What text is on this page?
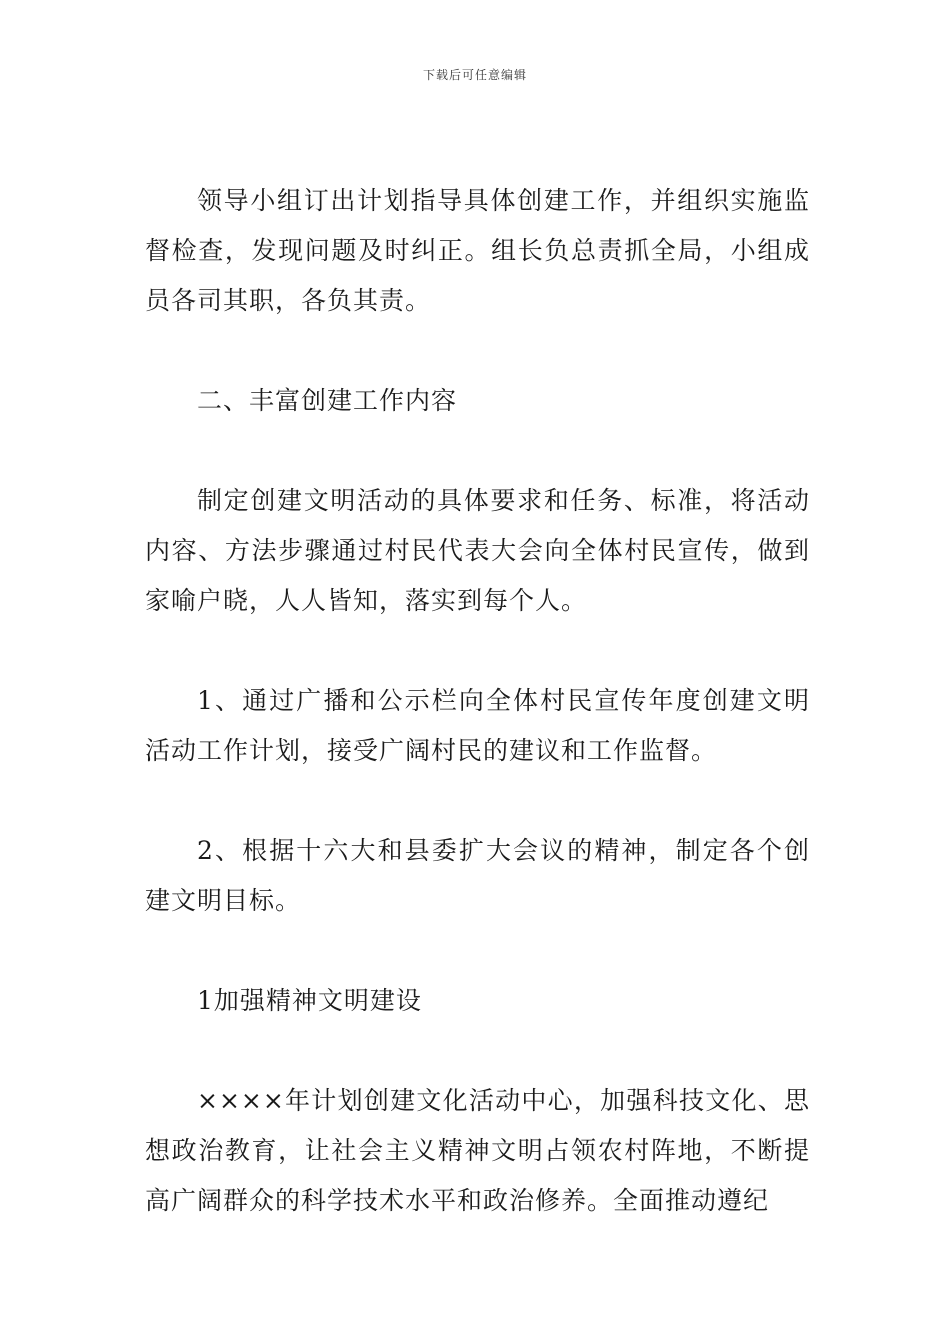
下载后可任意编辑

领导小组订出计划指导具体创建工作，并组织实施监督检查，发现问题及时纠正。组长负总责抓全局，小组成员各司其职，各负其责。

二、丰富创建工作内容

制定创建文明活动的具体要求和任务、标准，将活动内容、方法步骤通过村民代表大会向全体村民宣传，做到家喻户晓，人人皆知，落实到每个人。

1、通过广播和公示栏向全体村民宣传年度创建文明活动工作计划，接受广阔村民的建议和工作监督。

2、根据十六大和县委扩大会议的精神，制定各个创建文明目标。

1加强精神文明建设

××××年计划创建文化活动中心，加强科技文化、思想政治教育，让社会主义精神文明占领农村阵地，不断提高广阔群众的科学技术水平和政治修养。全面推动遵纪
